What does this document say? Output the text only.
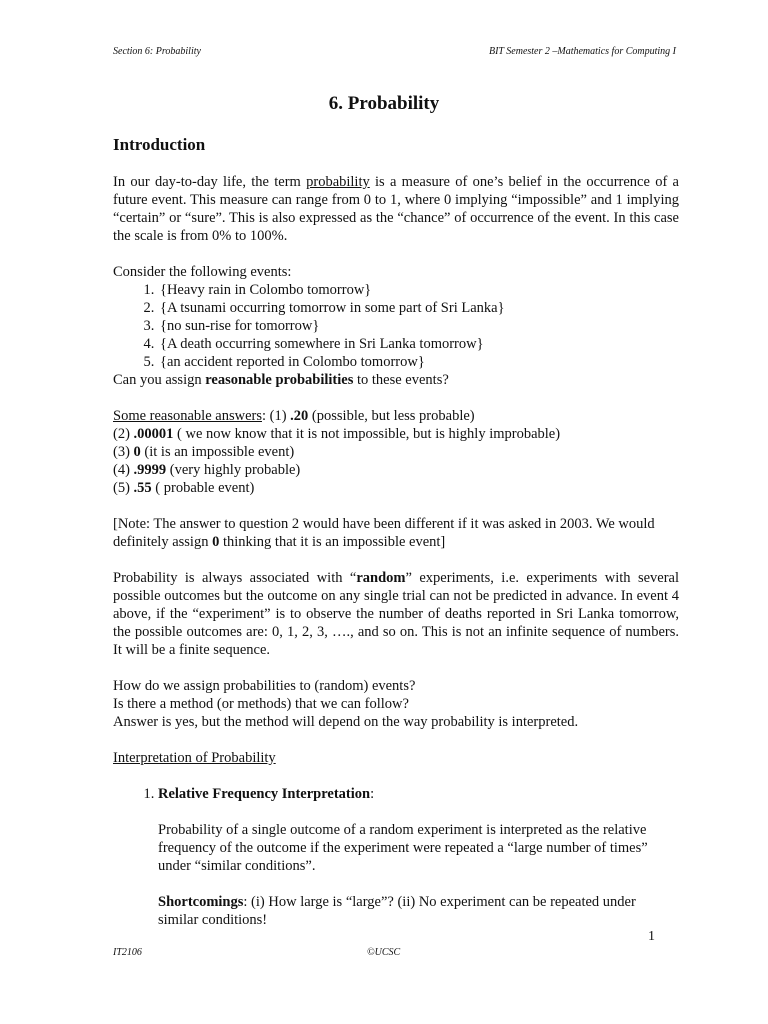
Section 6: Probability	BIT Semester 2 –Mathematics for Computing I
6. Probability
Introduction

In our day-to-day life, the term probability is a measure of one’s belief in the occurrence of a future event. This measure can range from 0 to 1, where 0 implying “impossible” and 1 implying “certain” or “sure”. This is also expressed as the “chance” of occurrence of the event. In this case the scale is from 0% to 100%.

Consider the following events:

1. {Heavy rain in Colombo tomorrow}
2. {A tsunami occurring tomorrow in some part of Sri Lanka}
3. {no sun-rise for tomorrow}
4. {A death occurring somewhere in Sri Lanka tomorrow}
5. {an accident reported in Colombo tomorrow}

Can you assign reasonable probabilities to these events?

Some reasonable answers: (1) .20 (possible, but less probable)

(2) .00001 ( we now know that it is not impossible, but is highly improbable)

(3) 0 (it is an impossible event)

(4) .9999 (very highly probable)

(5) .55 ( probable event)

[Note: The answer to question 2 would have been different if it was asked in 2003. We would definitely assign 0 thinking that it is an impossible event]

Probability is always associated with “random” experiments, i.e. experiments with several possible outcomes but the outcome on any single trial can not be predicted in advance. In event 4 above, if the “experiment” is to observe the number of deaths reported in Sri Lanka tomorrow, the possible outcomes are: 0, 1, 2, 3, …., and so on. This is not an infinite sequence of numbers. It will be a finite sequence.

How do we assign probabilities to (random) events?

Is there a method (or methods) that we can follow?

Answer is yes, but the method will depend on the way probability is interpreted.

Interpretation of Probability

1. Relative Frequency Interpretation:

Probability of a single outcome of a random experiment is interpreted as the relative frequency of the outcome if the experiment were repeated a “large number of times” under “similar conditions”.

Shortcomings: (i) How large is “large”? (ii) No experiment can be repeated under similar conditions!

1
IT2106	©UCSC
